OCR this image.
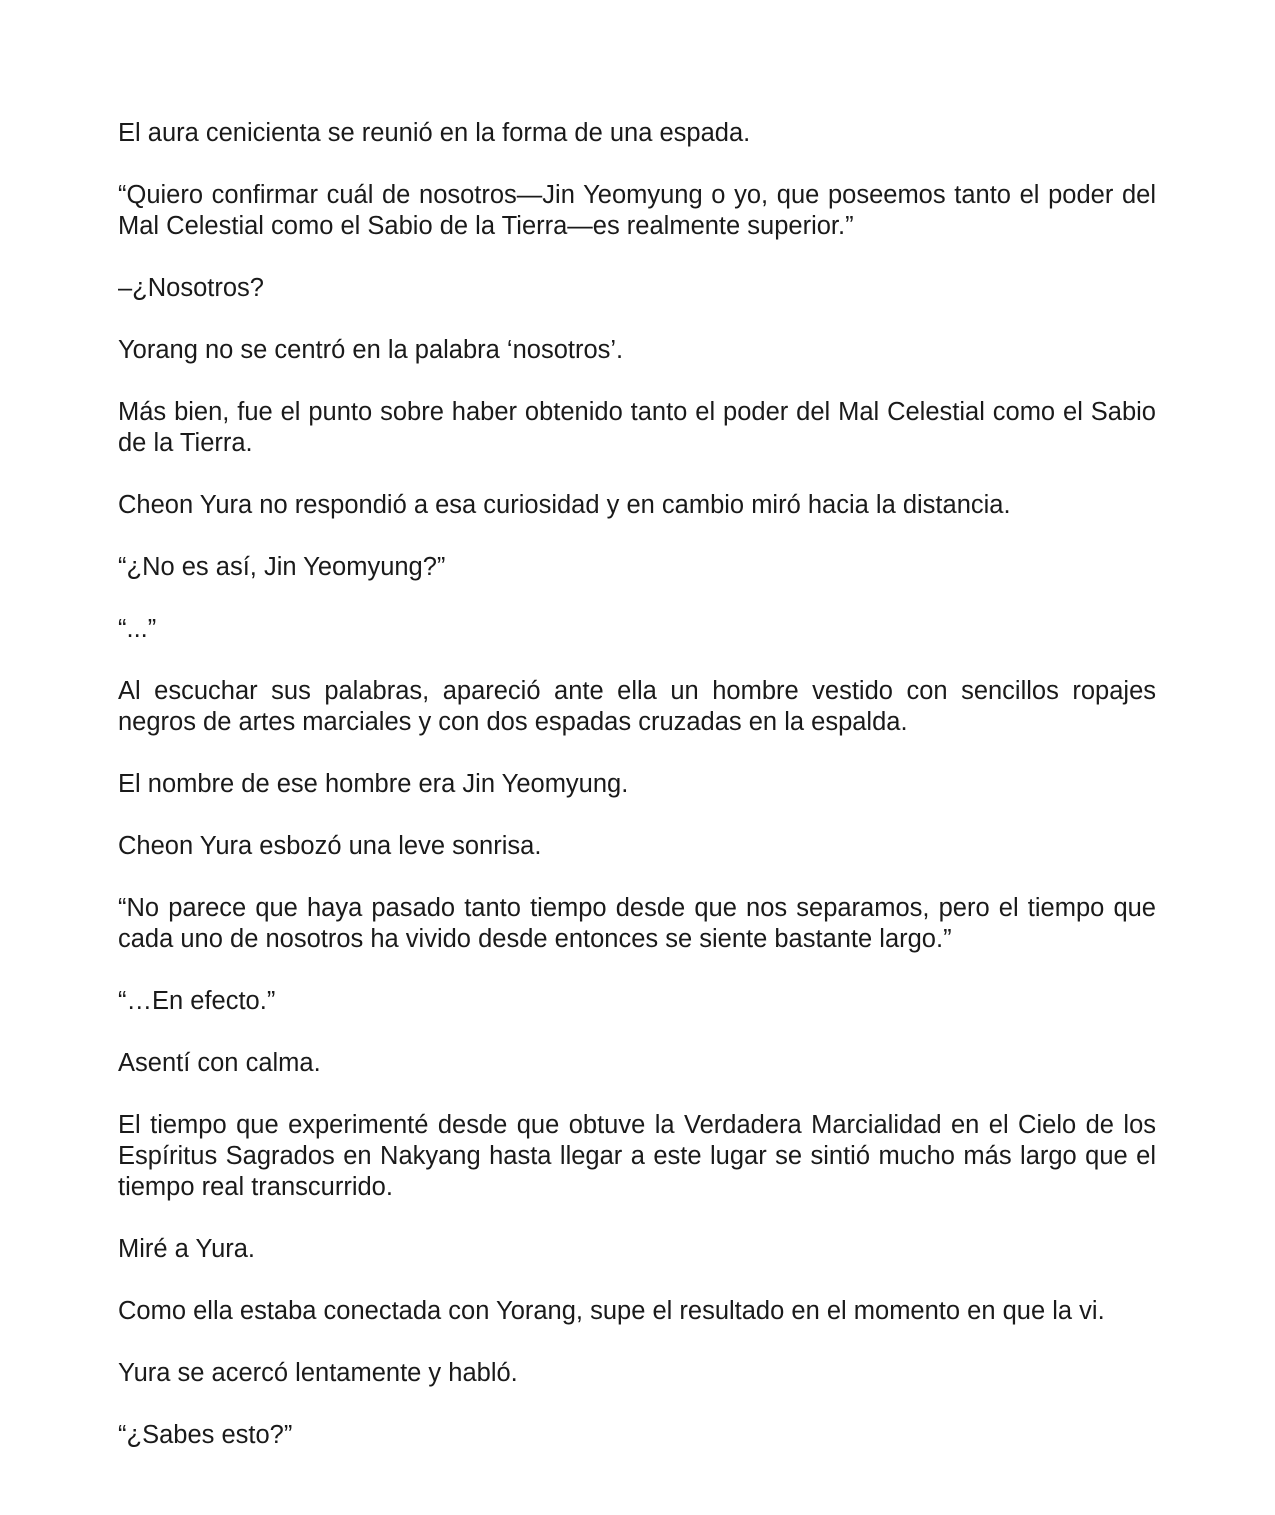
El aura cenicienta se reunió en la forma de una espada.

“Quiero confirmar cuál de nosotros—Jin Yeomyung o yo, que poseemos tanto el poder del Mal Celestial como el Sabio de la Tierra—es realmente superior.”

–¿Nosotros?

Yorang no se centró en la palabra ‘nosotros’.

Más bien, fue el punto sobre haber obtenido tanto el poder del Mal Celestial como el Sabio de la Tierra.

Cheon Yura no respondió a esa curiosidad y en cambio miró hacia la distancia.

“¿No es así, Jin Yeomyung?”

“...”

Al escuchar sus palabras, apareció ante ella un hombre vestido con sencillos ropajes negros de artes marciales y con dos espadas cruzadas en la espalda.

El nombre de ese hombre era Jin Yeomyung.

Cheon Yura esbozó una leve sonrisa.

“No parece que haya pasado tanto tiempo desde que nos separamos, pero el tiempo que cada uno de nosotros ha vivido desde entonces se siente bastante largo.”

“…En efecto.”

Asentí con calma.

El tiempo que experimenté desde que obtuve la Verdadera Marcialidad en el Cielo de los Espíritus Sagrados en Nakyang hasta llegar a este lugar se sintió mucho más largo que el tiempo real transcurrido.

Miré a Yura.

Como ella estaba conectada con Yorang, supe el resultado en el momento en que la vi.

Yura se acercó lentamente y habló.

“¿Sabes esto?”
